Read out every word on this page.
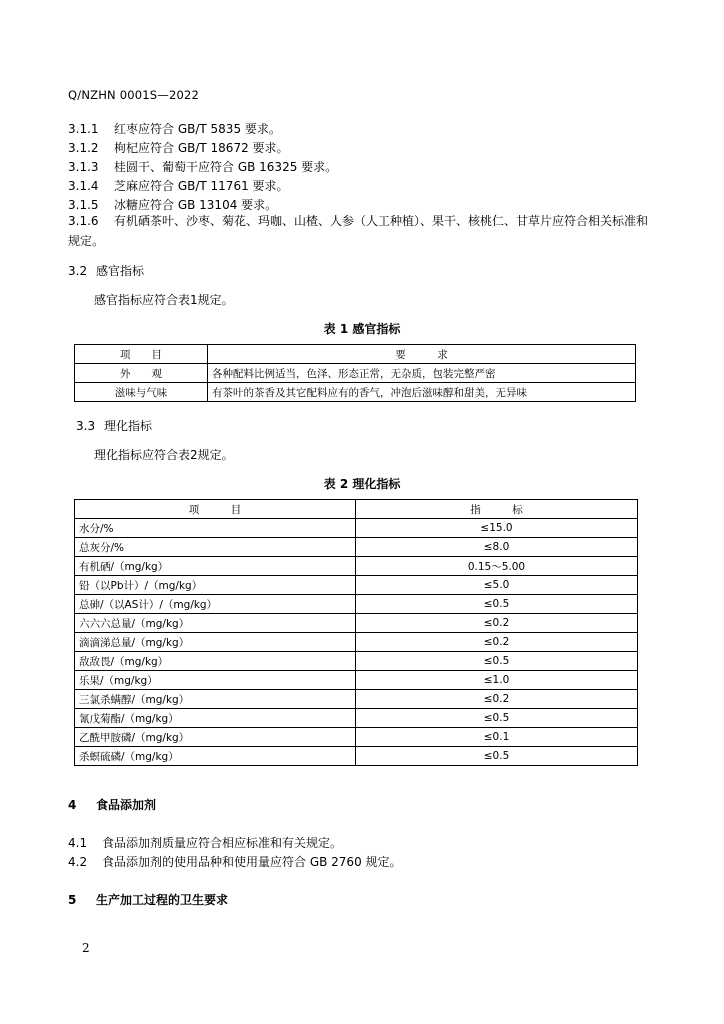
Q/NZHN 0001S—2022
3.1.1 红枣应符合 GB/T 5835 要求。
3.1.2 枸杞应符合 GB/T 18672 要求。
3.1.3 桂圆干、葡萄干应符合 GB 16325 要求。
3.1.4 芝麻应符合 GB/T 11761 要求。
3.1.5 冰糖应符合 GB 13104 要求。
3.1.6 有机硒茶叶、沙枣、菊花、玛咖、山楂、人参（人工种植）、果干、核桃仁、甘草片应符合相关标准和规定。
3.2 感官指标
感官指标应符合表1规定。
表 1 感官指标
项　　目	要　　　求
外　　观	各种配料比例适当，色泽、形态正常，无杂质，包装完整严密
滋味与气味	有茶叶的茶香及其它配料应有的香气，冲泡后滋味醇和甜美，无异味
3.3 理化指标
理化指标应符合表2规定。
表 2 理化指标
项　　　目	指　　　标
水分/%	≤15.0
总灰分/%	≤8.0
有机硒/（mg/kg）	0.15～5.00
铅（以Pb计）/（mg/kg）	≤5.0
总砷/（以AS计）/（mg/kg）	≤0.5
六六六总量/（mg/kg）	≤0.2
滴滴涕总量/（mg/kg）	≤0.2
敌敌畏/（mg/kg）	≤0.5
乐果/（mg/kg）	≤1.0
三氯杀螨醇/（mg/kg）	≤0.2
氰戊菊酯/（mg/kg）	≤0.5
乙酰甲胺磷/（mg/kg）	≤0.1
杀螟硫磷/（mg/kg）	≤0.5
4 食品添加剂
4.1 食品添加剂质量应符合相应标准和有关规定。
4.2 食品添加剂的使用品种和使用量应符合 GB 2760 规定。
5 生产加工过程的卫生要求
2
